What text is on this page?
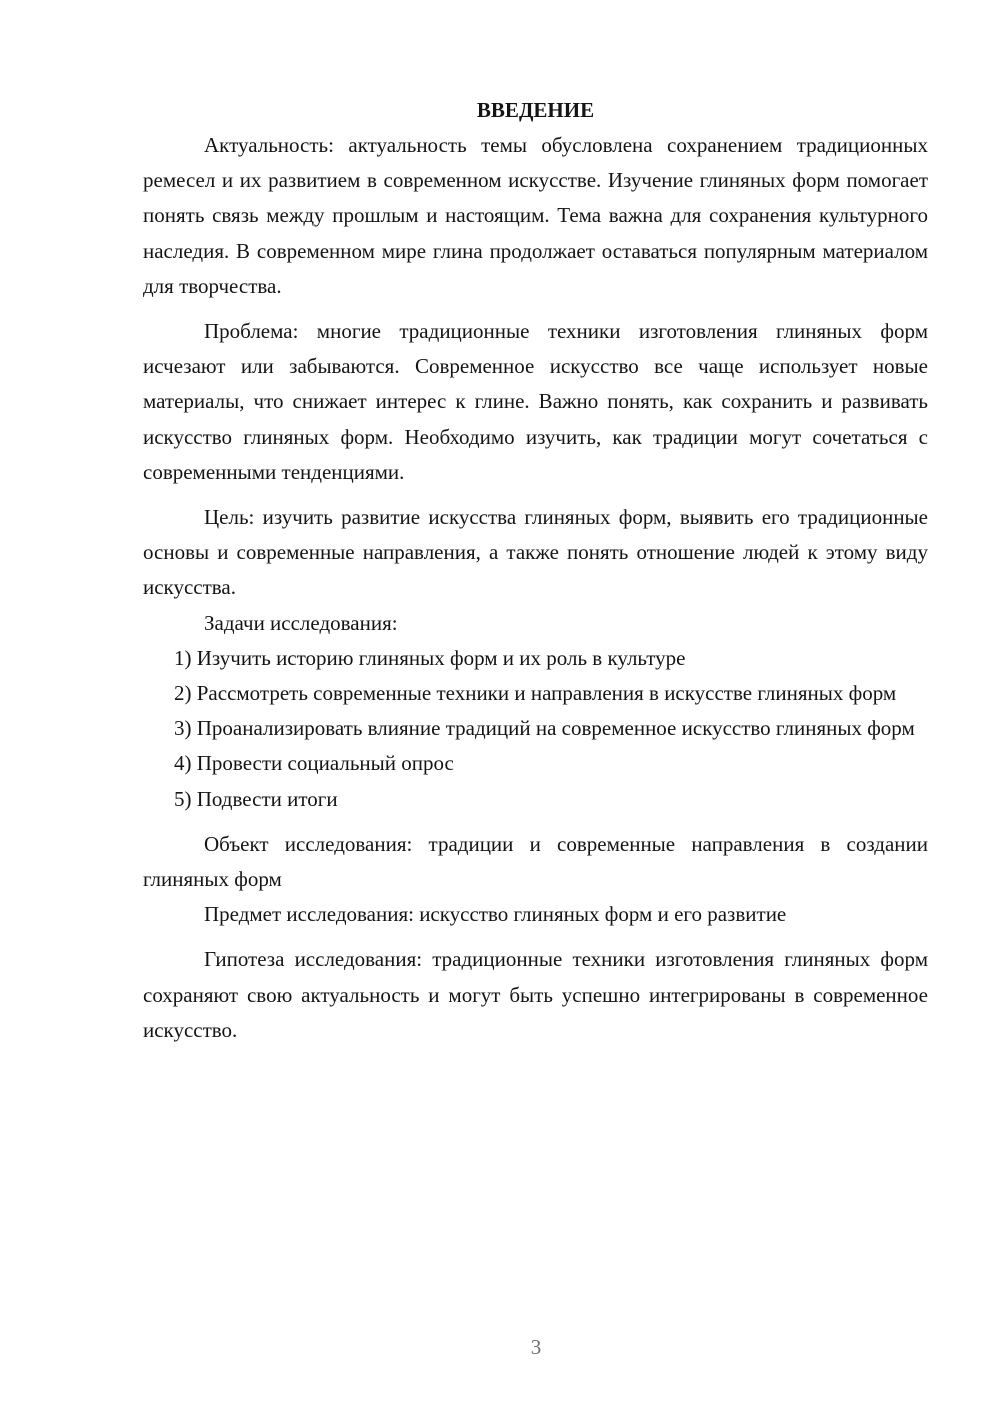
ВВЕДЕНИЕ

Актуальность: актуальность темы обусловлена сохранением традиционных ремесел и их развитием в современном искусстве. Изучение глиняных форм помогает понять связь между прошлым и настоящим. Тема важна для сохранения культурного наследия. В современном мире глина продолжает оставаться популярным материалом для творчества.

Проблема: многие традиционные техники изготовления глиняных форм исчезают или забываются. Современное искусство все чаще использует новые материалы, что снижает интерес к глине. Важно понять, как сохранить и развивать искусство глиняных форм. Необходимо изучить, как традиции могут сочетаться с современными тенденциями.

Цель: изучить развитие искусства глиняных форм, выявить его традиционные основы и современные направления, а также понять отношение людей к этому виду искусства.

Задачи исследования:

1) Изучить историю глиняных форм и их роль в культуре

2) Рассмотреть современные техники и направления в искусстве глиняных форм

3) Проанализировать влияние традиций на современное искусство глиняных форм

4) Провести социальный опрос

5) Подвести итоги

Объект исследования: традиции и современные направления в создании глиняных форм

Предмет исследования: искусство глиняных форм и его развитие

Гипотеза исследования: традиционные техники изготовления глиняных форм сохраняют свою актуальность и могут быть успешно интегрированы в современное искусство.

3
